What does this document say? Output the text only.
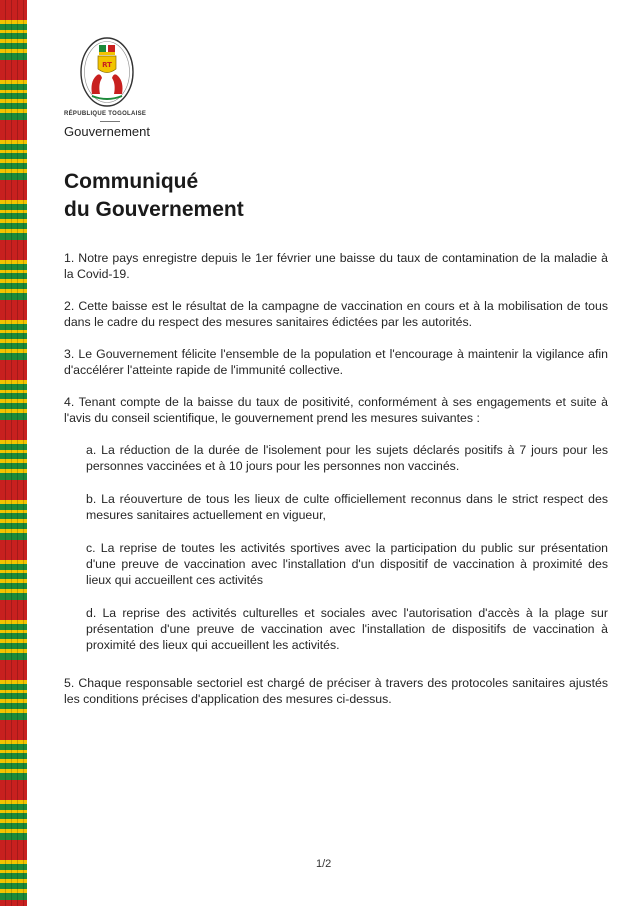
RT
RÉPUBLIQUE TOGOLAISE
Gouvernement
Communiqué
du Gouvernement

1. Notre pays enregistre depuis le 1er février une baisse du taux de contamination de la maladie à la Covid-19.

2. Cette baisse est le résultat de la campagne de vaccination en cours et à la mobilisation de tous dans le cadre du respect des mesures sanitaires édictées par les autorités.

3. Le Gouvernement félicite l'ensemble de la population et l'encourage à maintenir la vigilance afin d'accélérer l'atteinte rapide de l'immunité collective.

4. Tenant compte de la baisse du taux de positivité, conformément à ses engagements et suite à l'avis du conseil scientifique, le gouvernement prend les mesures suivantes :

a. La réduction de la durée de l'isolement pour les sujets déclarés positifs à 7 jours pour les personnes vaccinées et à 10 jours pour les personnes non vaccinés.

b. La réouverture de tous les lieux de culte officiellement reconnus dans le strict respect des mesures sanitaires actuellement en vigueur,

c. La reprise de toutes les activités sportives avec la participation du public sur présentation d'une preuve de vaccination avec l'installation d'un dispositif de vaccination à proximité des lieux qui accueillent ces activités

d. La reprise des activités culturelles et sociales avec l'autorisation d'accès à la plage sur présentation d'une preuve de vaccination avec l'installation de dispositifs de vaccination à proximité des lieux qui accueillent les activités.

5. Chaque responsable sectoriel est chargé de préciser à travers des protocoles sanitaires ajustés les conditions précises d'application des mesures ci-dessus.

1/2
